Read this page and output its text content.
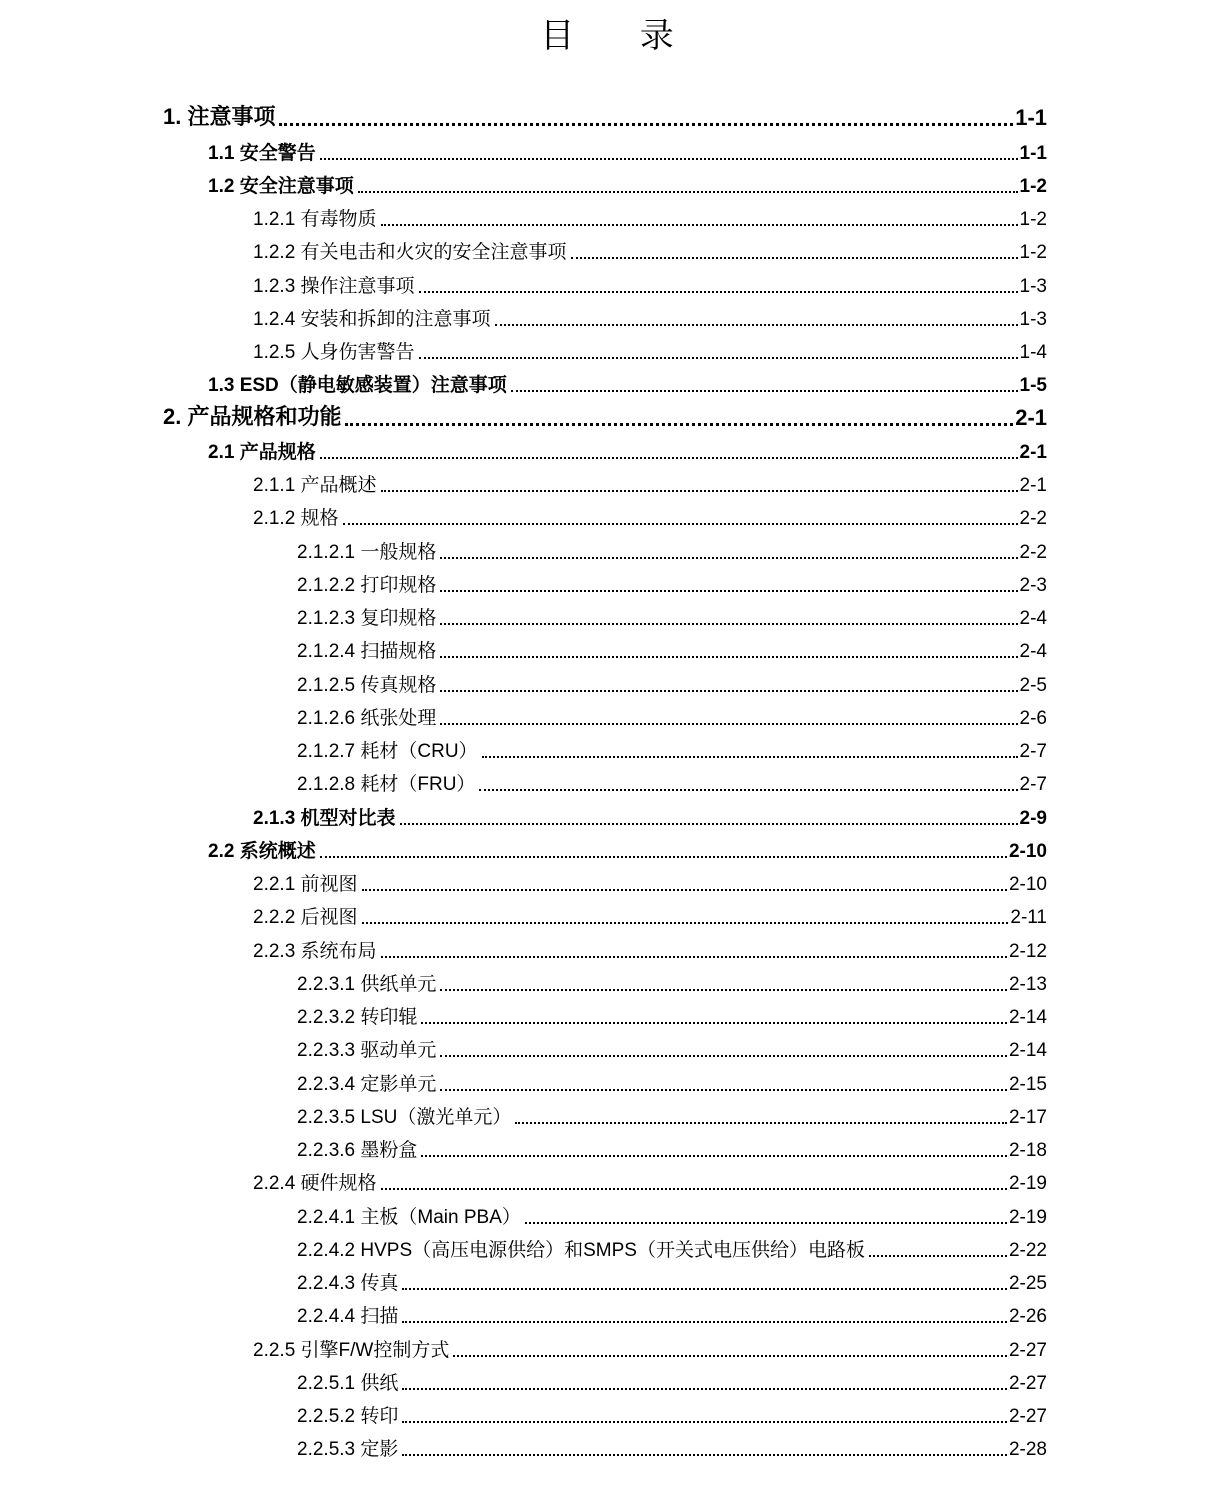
目 录
1. 注意事项	1-1
1.1 安全警告	1-1
1.2 安全注意事项	1-2
1.2.1 有毒物质	1-2
1.2.2 有关电击和火灾的安全注意事项	1-2
1.2.3 操作注意事项	1-3
1.2.4 安装和拆卸的注意事项	1-3
1.2.5 人身伤害警告	1-4
1.3 ESD（静电敏感装置）注意事项	1-5
2. 产品规格和功能	2-1
2.1 产品规格	2-1
2.1.1 产品概述	2-1
2.1.2 规格	2-2
2.1.2.1 一般规格	2-2
2.1.2.2 打印规格	2-3
2.1.2.3 复印规格	2-4
2.1.2.4 扫描规格	2-4
2.1.2.5 传真规格	2-5
2.1.2.6 纸张处理	2-6
2.1.2.7 耗材（CRU）	2-7
2.1.2.8 耗材（FRU）	2-7
2.1.3 机型对比表	2-9
2.2 系统概述	2-10
2.2.1 前视图	2-10
2.2.2 后视图	2-11
2.2.3 系统布局	2-12
2.2.3.1 供纸单元	2-13
2.2.3.2 转印辊	2-14
2.2.3.3 驱动单元	2-14
2.2.3.4 定影单元	2-15
2.2.3.5 LSU（激光单元）	2-17
2.2.3.6 墨粉盒	2-18
2.2.4 硬件规格	2-19
2.2.4.1 主板（Main PBA）	2-19
2.2.4.2 HVPS（高压电源供给）和SMPS（开关式电压供给）电路板	2-22
2.2.4.3 传真	2-25
2.2.4.4 扫描	2-26
2.2.5 引擎F/W控制方式	2-27
2.2.5.1 供纸	2-27
2.2.5.2 转印	2-27
2.2.5.3 定影	2-28
